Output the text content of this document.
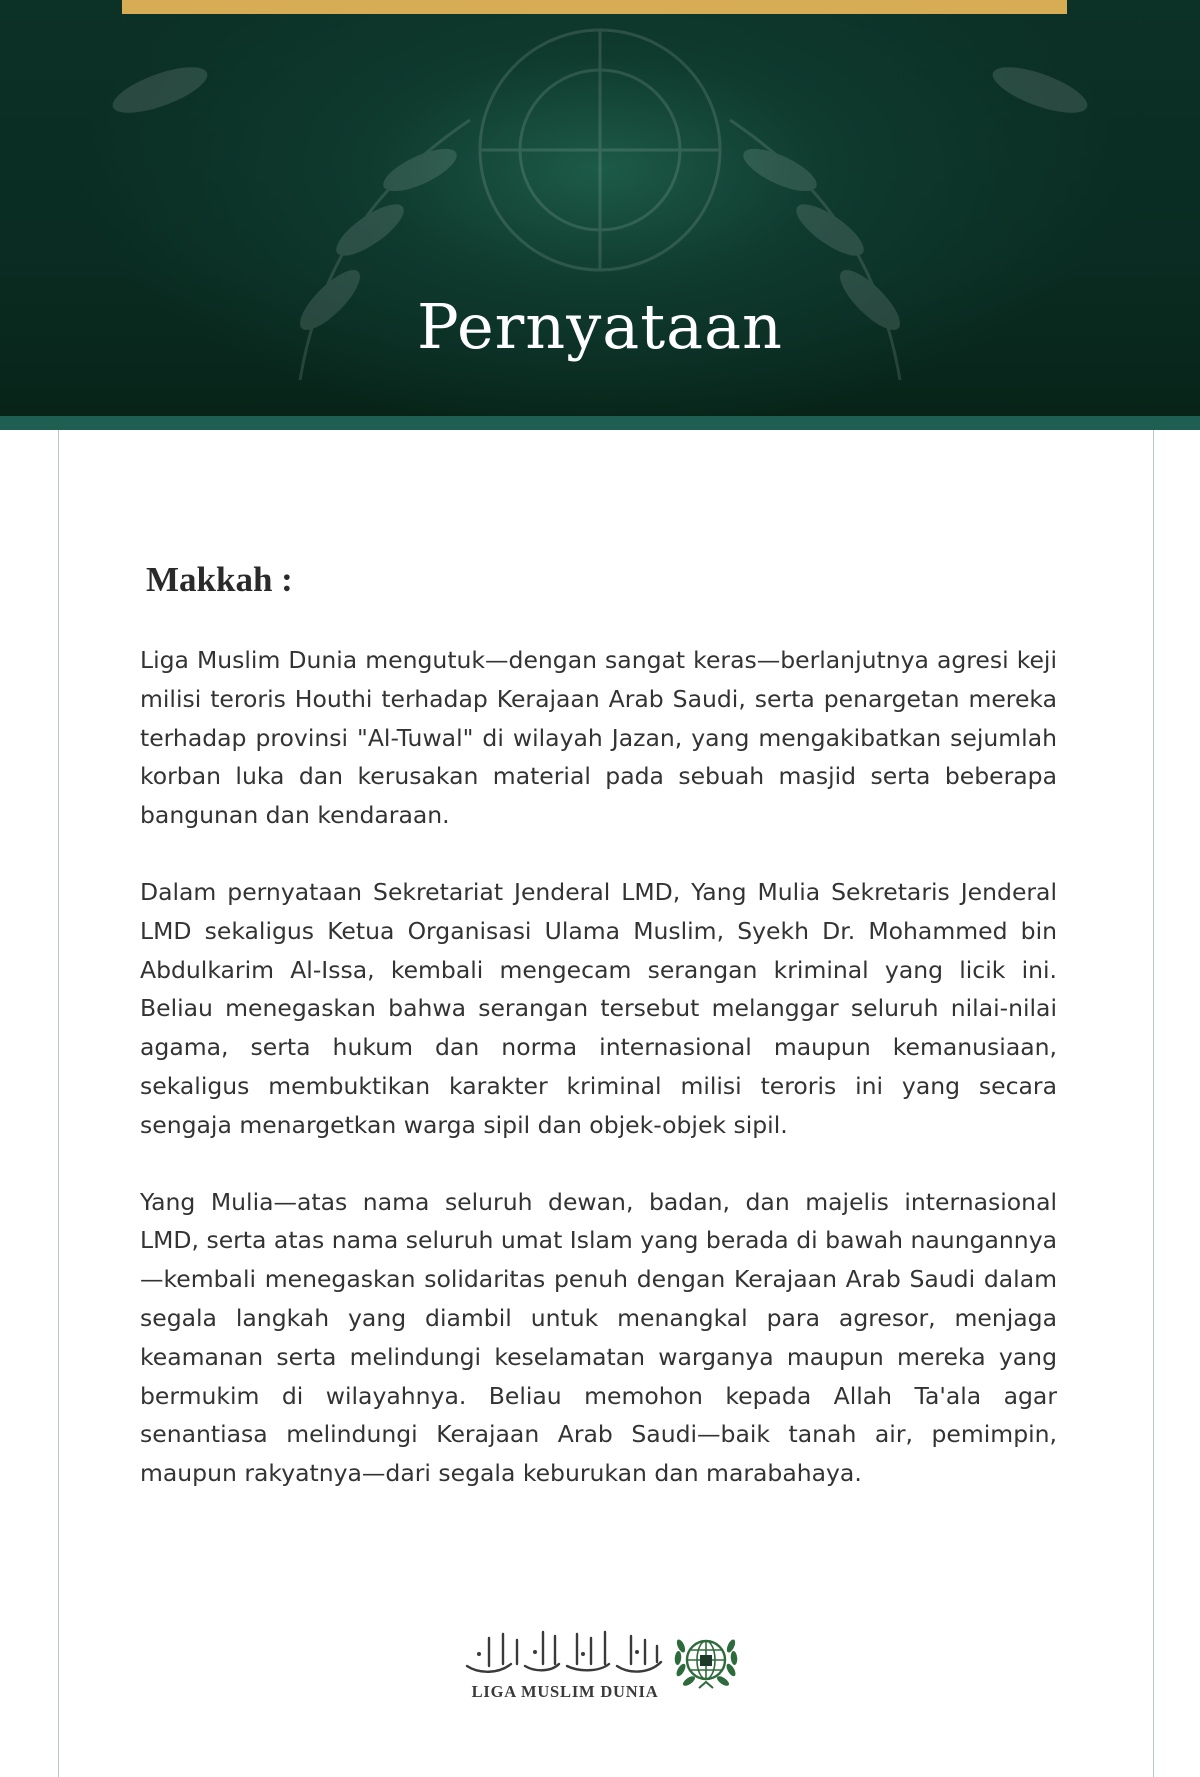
Pernyataan
Makkah :

Liga Muslim Dunia mengutuk—dengan sangat keras—berlanjutnya agresi keji milisi teroris Houthi terhadap Kerajaan Arab Saudi, serta penargetan mereka terhadap provinsi "Al-Tuwal" di wilayah Jazan, yang mengakibatkan sejumlah korban luka dan kerusakan material pada sebuah masjid serta beberapa bangunan dan kendaraan.

Dalam pernyataan Sekretariat Jenderal LMD, Yang Mulia Sekretaris Jenderal LMD sekaligus Ketua Organisasi Ulama Muslim, Syekh Dr. Mohammed bin Abdulkarim Al-Issa, kembali mengecam serangan kriminal yang licik ini. Beliau menegaskan bahwa serangan tersebut melanggar seluruh nilai-nilai agama, serta hukum dan norma internasional maupun kemanusiaan, sekaligus membuktikan karakter kriminal milisi teroris ini yang secara sengaja menargetkan warga sipil dan objek-objek sipil.

Yang Mulia—atas nama seluruh dewan, badan, dan majelis internasional LMD, serta atas nama seluruh umat Islam yang berada di bawah naungannya—kembali menegaskan solidaritas penuh dengan Kerajaan Arab Saudi dalam segala langkah yang diambil untuk menangkal para agresor, menjaga keamanan serta melindungi keselamatan warganya maupun mereka yang bermukim di wilayahnya. Beliau memohon kepada Allah Ta'ala agar senantiasa melindungi Kerajaan Arab Saudi—baik tanah air, pemimpin, maupun rakyatnya—dari segala keburukan dan marabahaya.

LIGA MUSLIM DUNIA
